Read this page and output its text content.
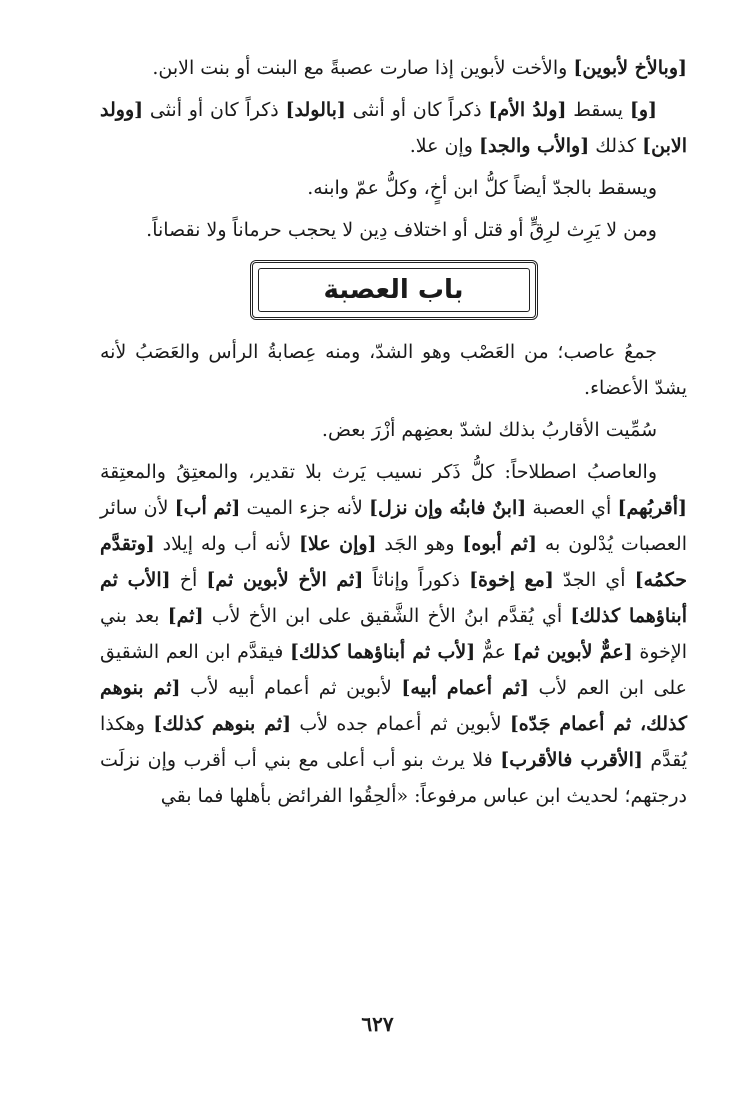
[وبالأخ لأبوين] والأخت لأبوين إذا صارت عصبةً مع البنت أو بنت الابن.

[و] يسقط [ولدُ الأم] ذكراً كان أو أنثى [بالولد] ذكراً كان أو أنثى [وولد الابن] كذلك [والأب والجد] وإن علا.

ويسقط بالجدّ أيضاً كلُّ ابن أخٍ، وكلُّ عمّ وابنه.

ومن لا يَرِث لرِقٍّ أو قتل أو اختلاف دِين لا يحجب حرماناً ولا نقصاناً.

باب العصبة

جمعُ عاصب؛ من العَصْب وهو الشدّ، ومنه عِصابةُ الرأس والعَصَبُ لأنه يشدّ الأعضاء.

سُمِّيت الأقاربُ بذلك لشدّ بعضِهم أزْرَ بعض.

والعاصبُ اصطلاحاً: كلُّ ذَكر نسيب يَرث بلا تقدير، والمعتِقُ والمعتِقة [أقربُهم] أي العصبة [ابنٌ فابنُه وإن نزل] لأنه جزء الميت [ثم أب] لأن سائر العصبات يُدْلون به [ثم أبوه] وهو الجَد [وإن علا] لأنه أب وله إيلاد [وتقدَّم حكمُه] أي الجدّ [مع إخوة] ذكوراً وإناثاً [ثم الأخ لأبوين ثم] أخ [الأب ثم أبناؤهما كذلك] أي يُقدَّم ابنُ الأخ الشَّقيق على ابن الأخ لأب [ثم] بعد بني الإخوة [عمٌّ لأبوين ثم] عمٌّ [لأب ثم أبناؤهما كذلك] فيقدَّم ابن العم الشقيق على ابن العم لأب [ثم أعمام أبيه] لأبوين ثم أعمام أبيه لأب [ثم بنوهم كذلك، ثم أعمام جَدّه] لأبوين ثم أعمام جده لأب [ثم بنوهم كذلك] وهكذا يُقدَّم [الأقرب فالأقرب] فلا يرث بنو أب أعلى مع بني أب أقرب وإن نزلَت درجتهم؛ لحديث ابن عباس مرفوعاً: «ألحِقُوا الفرائض بأهلها فما بقي

٦٢٧
